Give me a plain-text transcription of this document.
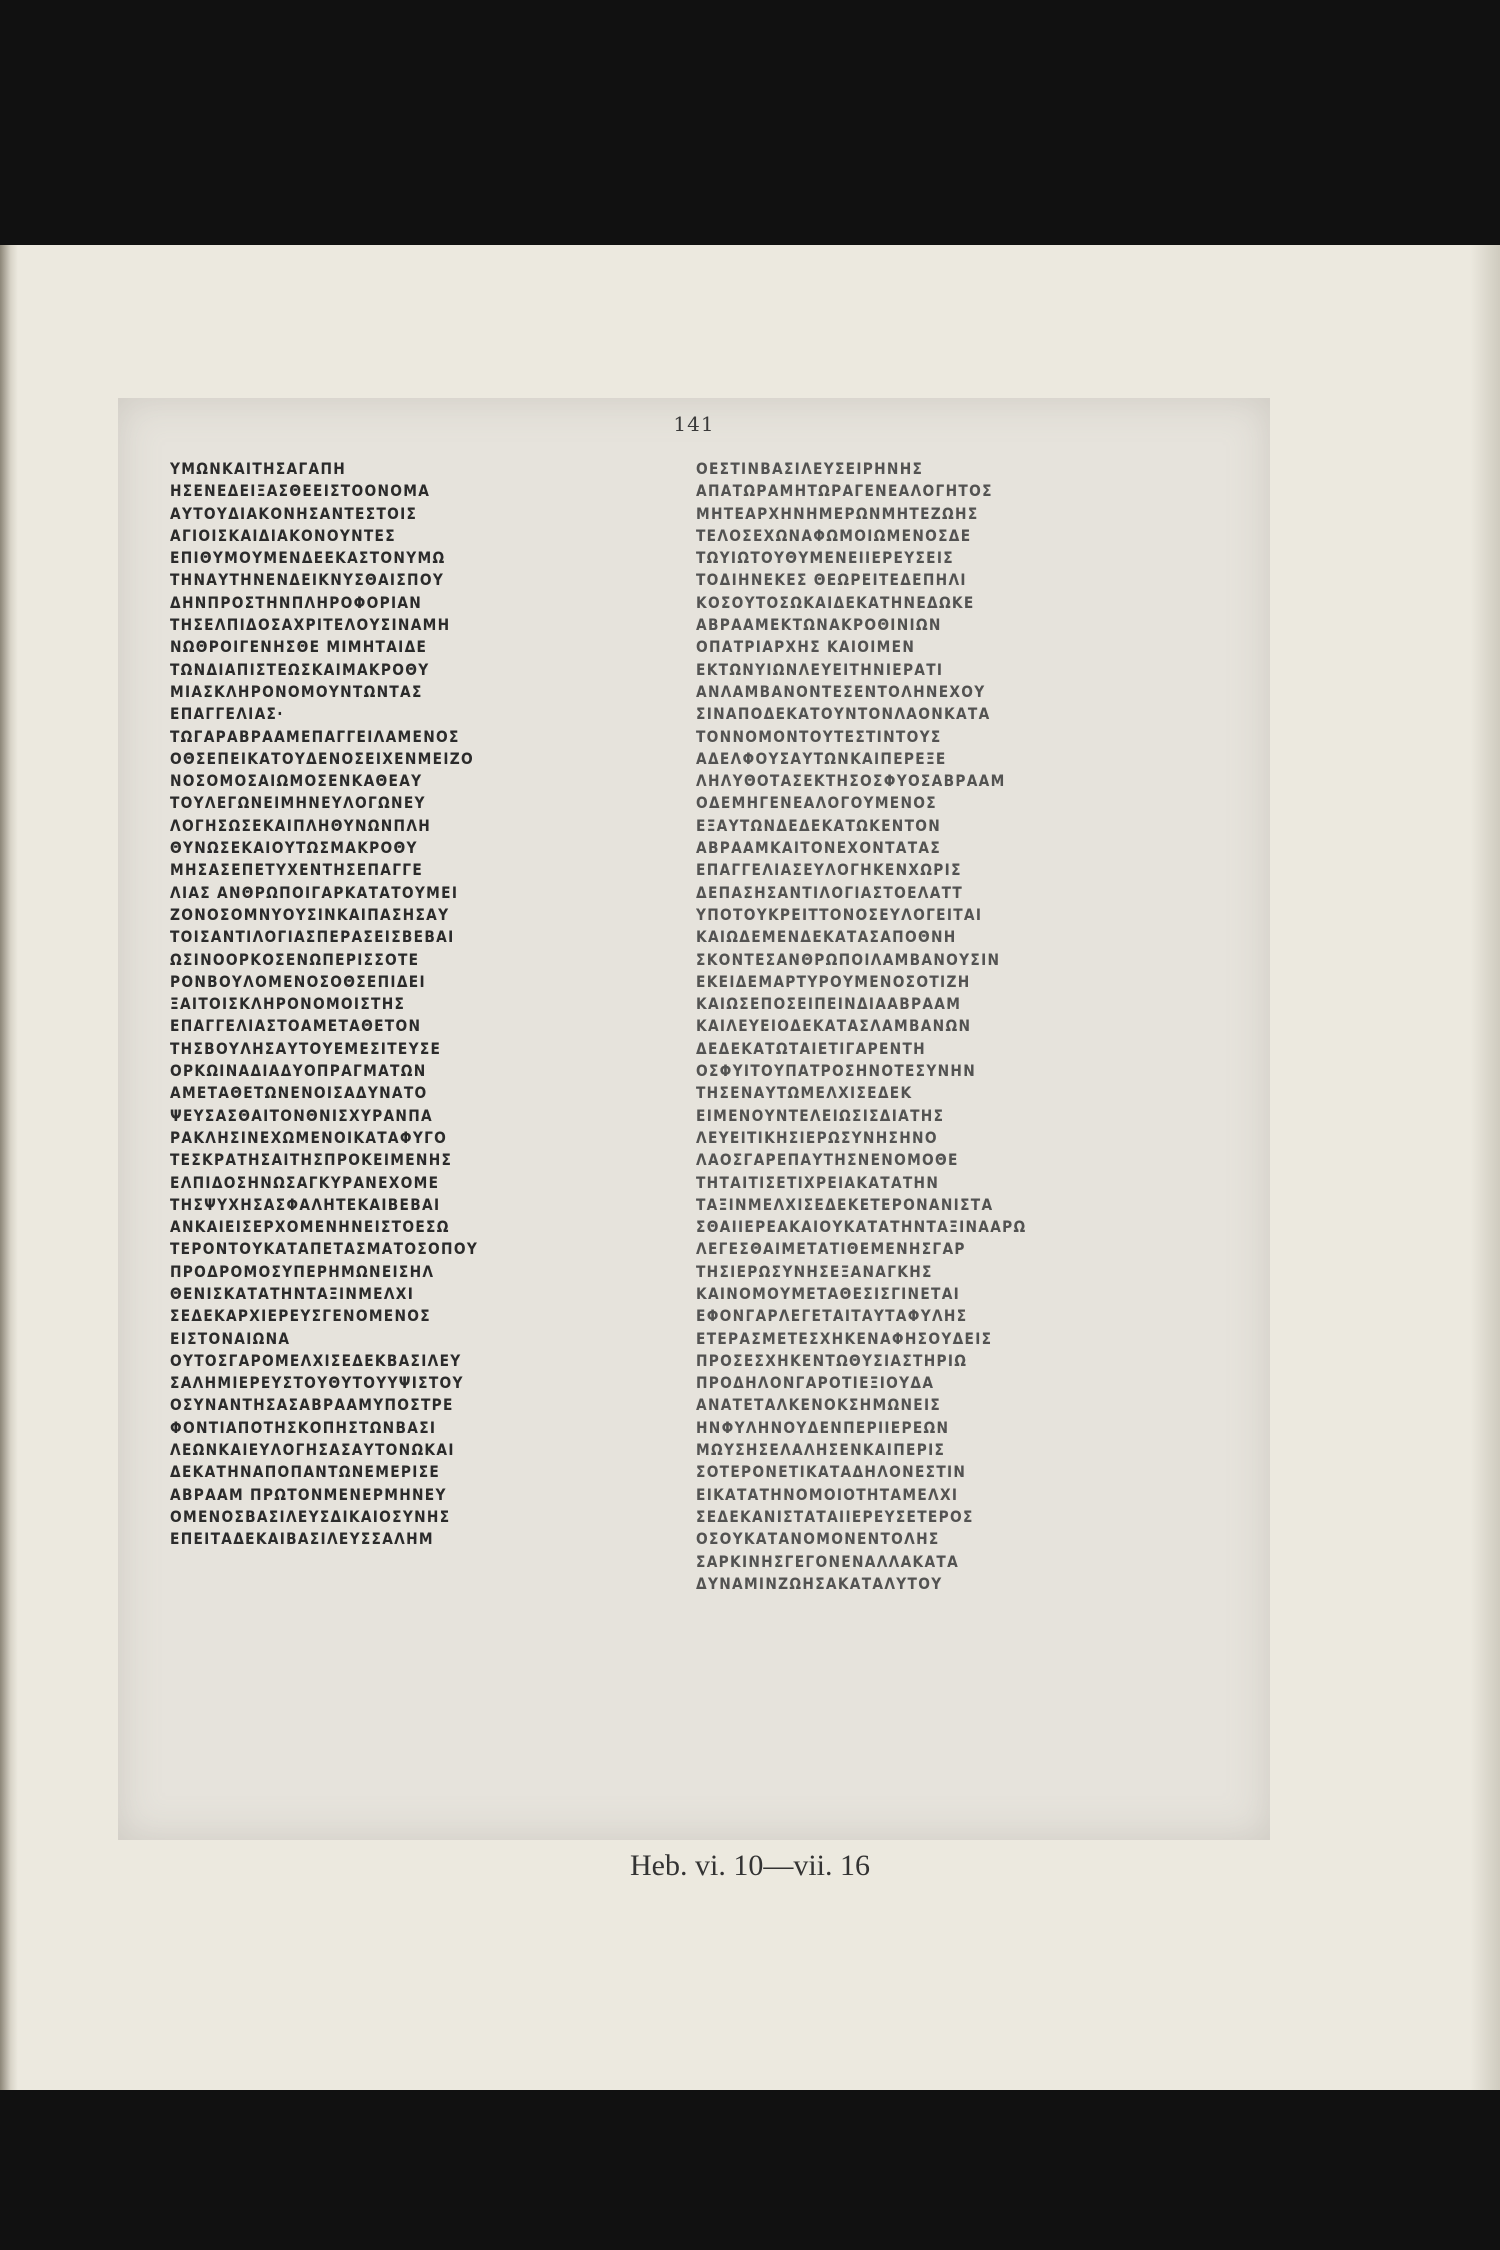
141
ΥΜΩΝΚΑΙΤΗΣΑΓΑΠΗ
ΗΣΕΝΕΔΕΙΞΑΣΘΕΕΙΣΤΟΟΝΟΜΑ
ΑΥΤΟΥΔΙΑΚΟΝΗΣΑΝΤΕΣΤΟΙΣ
ΑΓΙΟΙΣΚΑΙΔΙΑΚΟΝΟΥΝΤΕΣ
ΕΠΙΘΥΜΟΥΜΕΝΔΕΕΚΑΣΤΟΝΥΜΩ
ΤΗΝΑΥΤΗΝΕΝΔΕΙΚΝΥΣΘΑΙΣΠΟΥ
ΔΗΝΠΡΟΣΤΗΝΠΛΗΡΟΦΟΡΙΑΝ
ΤΗΣΕΛΠΙΔΟΣΑΧΡΙΤΕΛΟΥΣΙΝΑΜΗ
ΝΩΘΡΟΙΓΕΝΗΣΘΕ ΜΙΜΗΤΑΙΔΕ
ΤΩΝΔΙΑΠΙΣΤΕΩΣΚΑΙΜΑΚΡΟΘΥ
ΜΙΑΣΚΛΗΡΟΝΟΜΟΥΝΤΩΝΤΑΣ
ΕΠΑΓΓΕΛΙΑΣ·
ΤΩΓΑΡΑΒΡΑΑΜΕΠΑΓΓΕΙΛΑΜΕΝΟΣ
ΟΘΣΕΠΕΙΚΑΤΟΥΔΕΝΟΣΕΙΧΕΝΜΕΙΖΟ
ΝΟΣΟΜΟΣΑΙΩΜΟΣΕΝΚΑΘΕΑΥ
ΤΟΥΛΕΓΩΝΕΙΜΗΝΕΥΛΟΓΩΝΕΥ
ΛΟΓΗΣΩΣΕΚΑΙΠΛΗΘΥΝΩΝΠΛΗ
ΘΥΝΩΣΕΚΑΙΟΥΤΩΣΜΑΚΡΟΘΥ
ΜΗΣΑΣΕΠΕΤΥΧΕΝΤΗΣΕΠΑΓΓΕ
ΛΙΑΣ ΑΝΘΡΩΠΟΙΓΑΡΚΑΤΑΤΟΥΜΕΙ
ΖΟΝΟΣΟΜΝΥΟΥΣΙΝΚΑΙΠΑΣΗΣΑΥ
ΤΟΙΣΑΝΤΙΛΟΓΙΑΣΠΕΡΑΣΕΙΣΒΕΒΑΙ
ΩΣΙΝΟΟΡΚΟΣΕΝΩΠΕΡΙΣΣΟΤΕ
ΡΟΝΒΟΥΛΟΜΕΝΟΣΟΘΣΕΠΙΔΕΙ
ΞΑΙΤΟΙΣΚΛΗΡΟΝΟΜΟΙΣΤΗΣ
ΕΠΑΓΓΕΛΙΑΣΤΟΑΜΕΤΑΘΕΤΟΝ
ΤΗΣΒΟΥΛΗΣΑΥΤΟΥΕΜΕΣΙΤΕΥΣΕ
ΟΡΚΩΙΝΑΔΙΑΔΥΟΠΡΑΓΜΑΤΩΝ
ΑΜΕΤΑΘΕΤΩΝΕΝΟΙΣΑΔΥΝΑΤΟ
ΨΕΥΣΑΣΘΑΙΤΟΝΘΝΙΣΧΥΡΑΝΠΑ
ΡΑΚΛΗΣΙΝΕΧΩΜΕΝΟΙΚΑΤΑΦΥΓΟ
ΤΕΣΚΡΑΤΗΣΑΙΤΗΣΠΡΟΚΕΙΜΕΝΗΣ
ΕΛΠΙΔΟΣΗΝΩΣΑΓΚΥΡΑΝΕΧΟΜΕ
ΤΗΣΨΥΧΗΣΑΣΦΑΛΗΤΕΚΑΙΒΕΒΑΙ
ΑΝΚΑΙΕΙΣΕΡΧΟΜΕΝΗΝΕΙΣΤΟΕΣΩ
ΤΕΡΟΝΤΟΥΚΑΤΑΠΕΤΑΣΜΑΤΟΣΟΠΟΥ
ΠΡΟΔΡΟΜΟΣΥΠΕΡΗΜΩΝΕΙΣΗΛ
ΘΕΝΙΣΚΑΤΑΤΗΝΤΑΞΙΝΜΕΛΧΙ
ΣΕΔΕΚΑΡΧΙΕΡΕΥΣΓΕΝΟΜΕΝΟΣ
ΕΙΣΤΟΝΑΙΩΝΑ
ΟΥΤΟΣΓΑΡΟΜΕΛΧΙΣΕΔΕΚΒΑΣΙΛΕΥ
ΣΑΛΗΜΙΕΡΕΥΣΤΟΥΘΥΤΟΥΥΨΙΣΤΟΥ
ΟΣΥΝΑΝΤΗΣΑΣΑΒΡΑΑΜΥΠΟΣΤΡΕ
ΦΟΝΤΙΑΠΟΤΗΣΚΟΠΗΣΤΩΝΒΑΣΙ
ΛΕΩΝΚΑΙΕΥΛΟΓΗΣΑΣΑΥΤΟΝΩΚΑΙ
ΔΕΚΑΤΗΝΑΠΟΠΑΝΤΩΝΕΜΕΡΙΣΕ
ΑΒΡΑΑΜ ΠΡΩΤΟΝΜΕΝΕΡΜΗΝΕΥ
ΟΜΕΝΟΣΒΑΣΙΛΕΥΣΔΙΚΑΙΟΣΥΝΗΣ
ΕΠΕΙΤΑΔΕΚΑΙΒΑΣΙΛΕΥΣΣΑΛΗΜ
ΟΕΣΤΙΝΒΑΣΙΛΕΥΣΕΙΡΗΝΗΣ
ΑΠΑΤΩΡΑΜΗΤΩΡΑΓΕΝΕΑΛΟΓΗΤΟΣ
ΜΗΤΕΑΡΧΗΝΗΜΕΡΩΝΜΗΤΕΖΩΗΣ
ΤΕΛΟΣΕΧΩΝΑΦΩΜΟΙΩΜΕΝΟΣΔΕ
ΤΩΥΙΩΤΟΥΘΥΜΕΝΕΙΙΕΡΕΥΣΕΙΣ
ΤΟΔΙΗΝΕΚΕΣ ΘΕΩΡΕΙΤΕΔΕΠΗΛΙ
ΚΟΣΟΥΤΟΣΩΚΑΙΔΕΚΑΤΗΝΕΔΩΚΕ
ΑΒΡΑΑΜΕΚΤΩΝΑΚΡΟΘΙΝΙΩΝ
ΟΠΑΤΡΙΑΡΧΗΣ ΚΑΙΟΙΜΕΝ
ΕΚΤΩΝΥΙΩΝΛΕΥΕΙΤΗΝΙΕΡΑΤΙ
ΑΝΛΑΜΒΑΝΟΝΤΕΣΕΝΤΟΛΗΝΕΧΟΥ
ΣΙΝΑΠΟΔΕΚΑΤΟΥΝΤΟΝΛΑΟΝΚΑΤΑ
ΤΟΝΝΟΜΟΝΤΟΥΤΕΣΤΙΝΤΟΥΣ
ΑΔΕΛΦΟΥΣΑΥΤΩΝΚΑΙΠΕΡΕΞΕ
ΛΗΛΥΘΟΤΑΣΕΚΤΗΣΟΣΦΥΟΣΑΒΡΑΑΜ
ΟΔΕΜΗΓΕΝΕΑΛΟΓΟΥΜΕΝΟΣ
ΕΞΑΥΤΩΝΔΕΔΕΚΑΤΩΚΕΝΤΟΝ
ΑΒΡΑΑΜΚΑΙΤΟΝΕΧΟΝΤΑΤΑΣ
ΕΠΑΓΓΕΛΙΑΣΕΥΛΟΓΗΚΕΝΧΩΡΙΣ
ΔΕΠΑΣΗΣΑΝΤΙΛΟΓΙΑΣΤΟΕΛΑΤΤ
ΥΠΟΤΟΥΚΡΕΙΤΤΟΝΟΣΕΥΛΟΓΕΙΤΑΙ
ΚΑΙΩΔΕΜΕΝΔΕΚΑΤΑΣΑΠΟΘΝΗ
ΣΚΟΝΤΕΣΑΝΘΡΩΠΟΙΛΑΜΒΑΝΟΥΣΙΝ
ΕΚΕΙΔΕΜΑΡΤΥΡΟΥΜΕΝΟΣΟΤΙΖΗ
ΚΑΙΩΣΕΠΟΣΕΙΠΕΙΝΔΙΑΑΒΡΑΑΜ
ΚΑΙΛΕΥΕΙΟΔΕΚΑΤΑΣΛΑΜΒΑΝΩΝ
ΔΕΔΕΚΑΤΩΤΑΙΕΤΙΓΑΡΕΝΤΗ
ΟΣΦΥΙΤΟΥΠΑΤΡΟΣΗΝΟΤΕΣΥΝΗΝ
ΤΗΣΕΝΑΥΤΩΜΕΛΧΙΣΕΔΕΚ
ΕΙΜΕΝΟΥΝΤΕΛΕΙΩΣΙΣΔΙΑΤΗΣ
ΛΕΥΕΙΤΙΚΗΣΙΕΡΩΣΥΝΗΣΗΝΟ
ΛΑΟΣΓΑΡΕΠΑΥΤΗΣΝΕΝΟΜΟΘΕ
ΤΗΤΑΙΤΙΣΕΤΙΧΡΕΙΑΚΑΤΑΤΗΝ
ΤΑΞΙΝΜΕΛΧΙΣΕΔΕΚΕΤΕΡΟΝΑΝΙΣΤΑ
ΣΘΑΙΙΕΡΕΑΚΑΙΟΥΚΑΤΑΤΗΝΤΑΞΙΝΑΑΡΩ
ΛΕΓΕΣΘΑΙΜΕΤΑΤΙΘΕΜΕΝΗΣΓΑΡ
ΤΗΣΙΕΡΩΣΥΝΗΣΕΞΑΝΑΓΚΗΣ
ΚΑΙΝΟΜΟΥΜΕΤΑΘΕΣΙΣΓΙΝΕΤΑΙ
ΕΦΟΝΓΑΡΛΕΓΕΤΑΙΤΑΥΤΑΦΥΛΗΣ
ΕΤΕΡΑΣΜΕΤΕΣΧΗΚΕΝΑΦΗΣΟΥΔΕΙΣ
ΠΡΟΣΕΣΧΗΚΕΝΤΩΘΥΣΙΑΣΤΗΡΙΩ
ΠΡΟΔΗΛΟΝΓΑΡΟΤΙΕΞΙΟΥΔΑ
ΑΝΑΤΕΤΑΛΚΕΝΟΚΣΗΜΩΝΕΙΣ
ΗΝΦΥΛΗΝΟΥΔΕΝΠΕΡΙΙΕΡΕΩΝ
ΜΩΥΣΗΣΕΛΑΛΗΣΕΝΚΑΙΠΕΡΙΣ
ΣΟΤΕΡΟΝΕΤΙΚΑΤΑΔΗΛΟΝΕΣΤΙΝ
ΕΙΚΑΤΑΤΗΝΟΜΟΙΟΤΗΤΑΜΕΛΧΙ
ΣΕΔΕΚΑΝΙΣΤΑΤΑΙΙΕΡΕΥΣΕΤΕΡΟΣ
ΟΣΟΥΚΑΤΑΝΟΜΟΝΕΝΤΟΛΗΣ
ΣΑΡΚΙΝΗΣΓΕΓΟΝΕΝΑΛΛΑΚΑΤΑ
ΔΥΝΑΜΙΝΖΩΗΣΑΚΑΤΑΛΥΤΟΥ
Heb. vi. 10—vii. 16
